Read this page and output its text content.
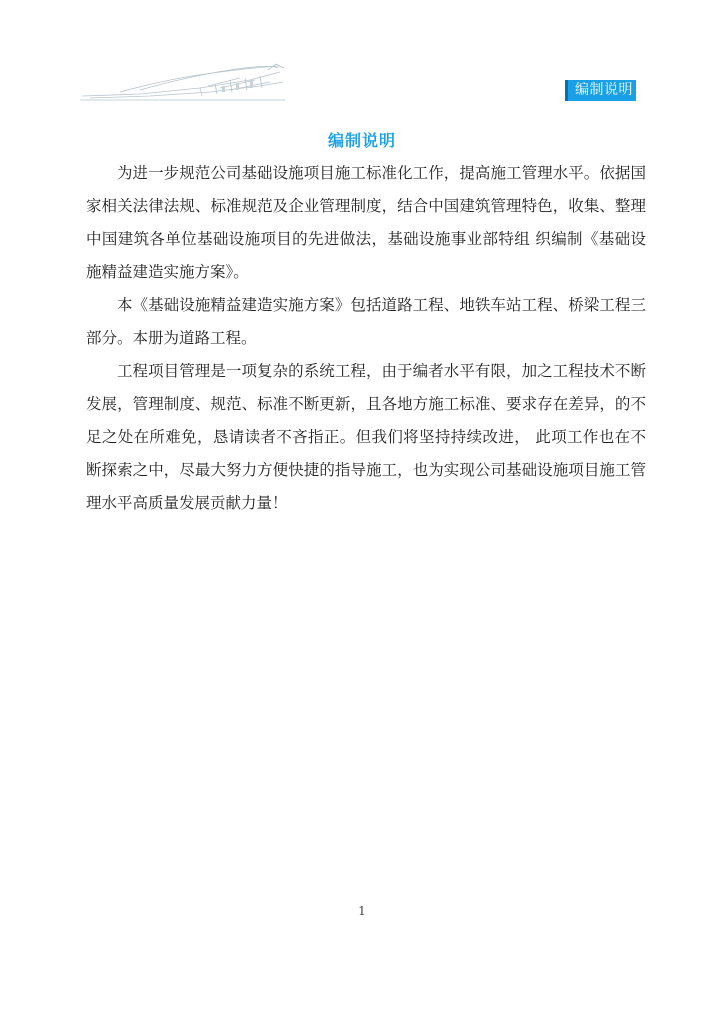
编制说明
编制说明

为进一步规范公司基础设施项目施工标准化工作，提高施工管理水平。依据国家相关法律法规、标准规范及企业管理制度，结合中国建筑管理特色，收集、整理中国建筑各单位基础设施项目的先进做法，基础设施事业部特组 织编制《基础设施精益建造实施方案》。

本《基础设施精益建造实施方案》包括道路工程、地铁车站工程、桥梁工程三部分。本册为道路工程。

工程项目管理是一项复杂的系统工程，由于编者水平有限，加之工程技术不断发展，管理制度、规范、标准不断更新，且各地方施工标准、要求存在差异，的不足之处在所难免，恳请读者不吝指正。但我们将坚持持续改进， 此项工作也在不断探索之中，尽最大努力方便快捷的指导施工，也为实现公司基础设施项目施工管理水平高质量发展贡献力量！

1
